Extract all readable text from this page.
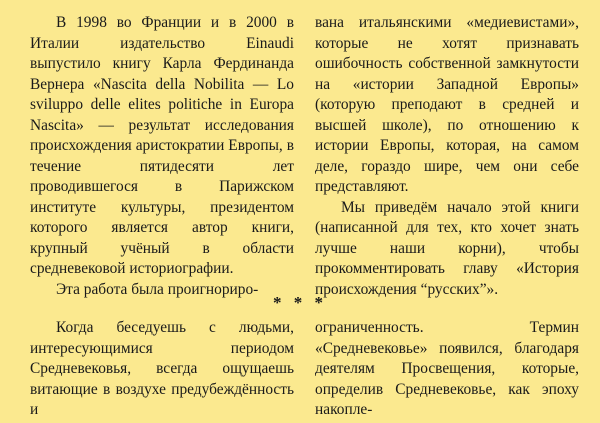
В 1998 во Франции и в 2000 в Италии издательство Einaudi выпустило книгу Карла Фердинанда Вернера «Nascita della Nobilita — Lo sviluppo delle elites politiche in Europa Nascita» — результат исследования происхождения аристократии Европы, в течение пятидесяти лет проводившегося в Парижском институте культуры, президентом которого является автор книги, крупный учёный в области средневековой историографии.

Эта работа была проигнориро-

вана итальянскими «медиевистами», которые не хотят признавать ошибочность собственной замкнутости на «истории Западной Европы» (которую преподают в средней и высшей школе), по отношению к истории Европы, которая, на самом деле, гораздо шире, чем они себе представляют.

Мы приведём начало этой книги (написанной для тех, кто хочет знать лучше наши корни), чтобы прокомментировать главу «История происхождения “русских”».

* * *

Когда беседуешь с людьми, интересующимися периодом Средневековья, всегда ощущаешь витающие в воздухе предубеждённость и

ограниченность. Термин «Средневековье» появился, благодаря деятелям Просвещения, которые, определив Средневековье, как эпоху накопле-
